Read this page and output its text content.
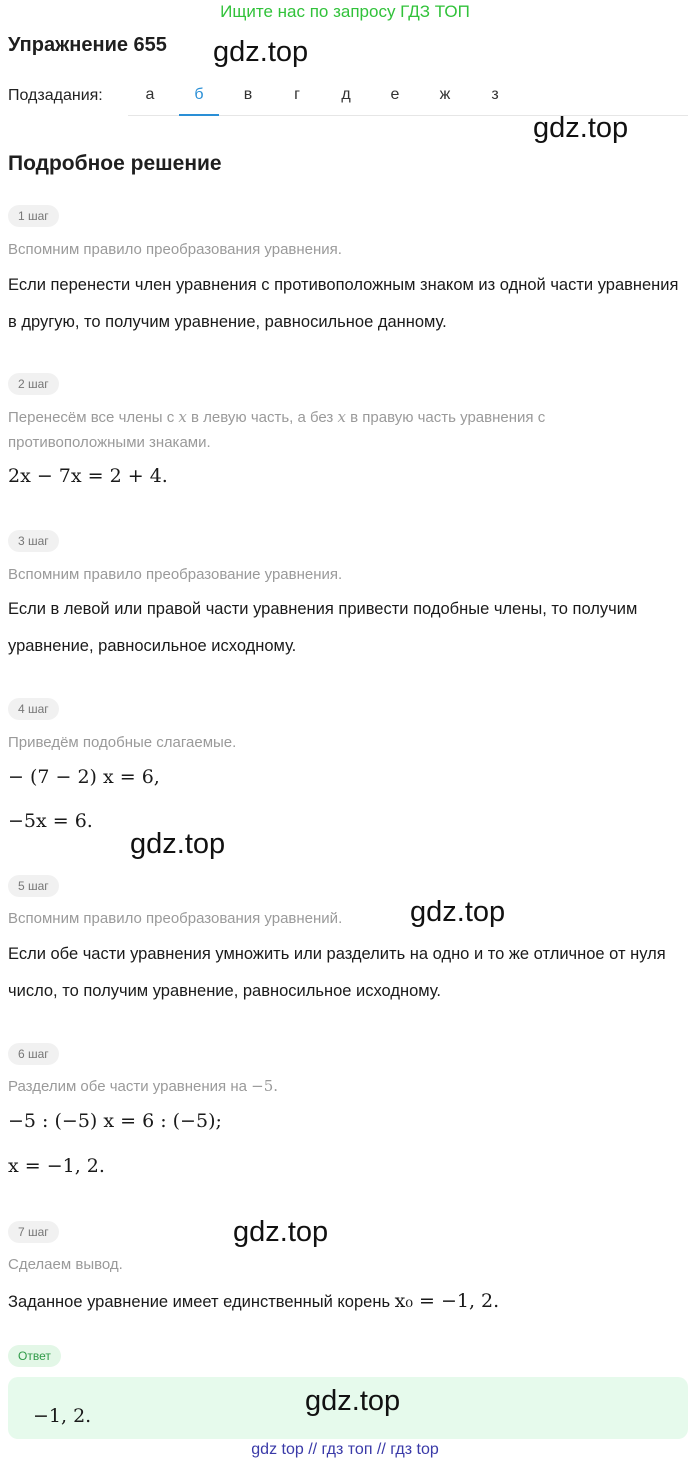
Ищите нас по запросу ГДЗ ТОП
Упражнение 655 gdz.top
Подзадания:	а	б	в	г	д	е	ж	з
gdz.top
Подробное решение
1 шаг
Вспомним правило преобразования уравнения.
Если перенести член уравнения с противоположным знаком из одной части уравнения в другую, то получим уравнение, равносильное данному.
2 шаг
Перенесём все члены с x в левую часть, а без x в правую часть уравнения с противоположными знаками.
2x − 7x = 2 + 4.
3 шаг
Вспомним правило преобразование уравнения.
Если в левой или правой части уравнения привести подобные члены, то получим уравнение, равносильное исходному.
4 шаг
Приведём подобные слагаемые.
− (7 − 2) x = 6,
−5x = 6.
gdz.top
5 шаг
Вспомним правило преобразования уравнений.	gdz.top
Если обе части уравнения умножить или разделить на одно и то же отличное от нуля число, то получим уравнение, равносильное исходному.
6 шаг
Разделим обе части уравнения на −5.
−5 : (−5) x = 6 : (−5);
x = −1, 2.
7 шаг	gdz.top
Сделаем вывод.
Заданное уравнение имеет единственный корень x₀ = −1, 2.
Ответ
−1, 2.	gdz.top
gdz top // гдз топ // гдз top
